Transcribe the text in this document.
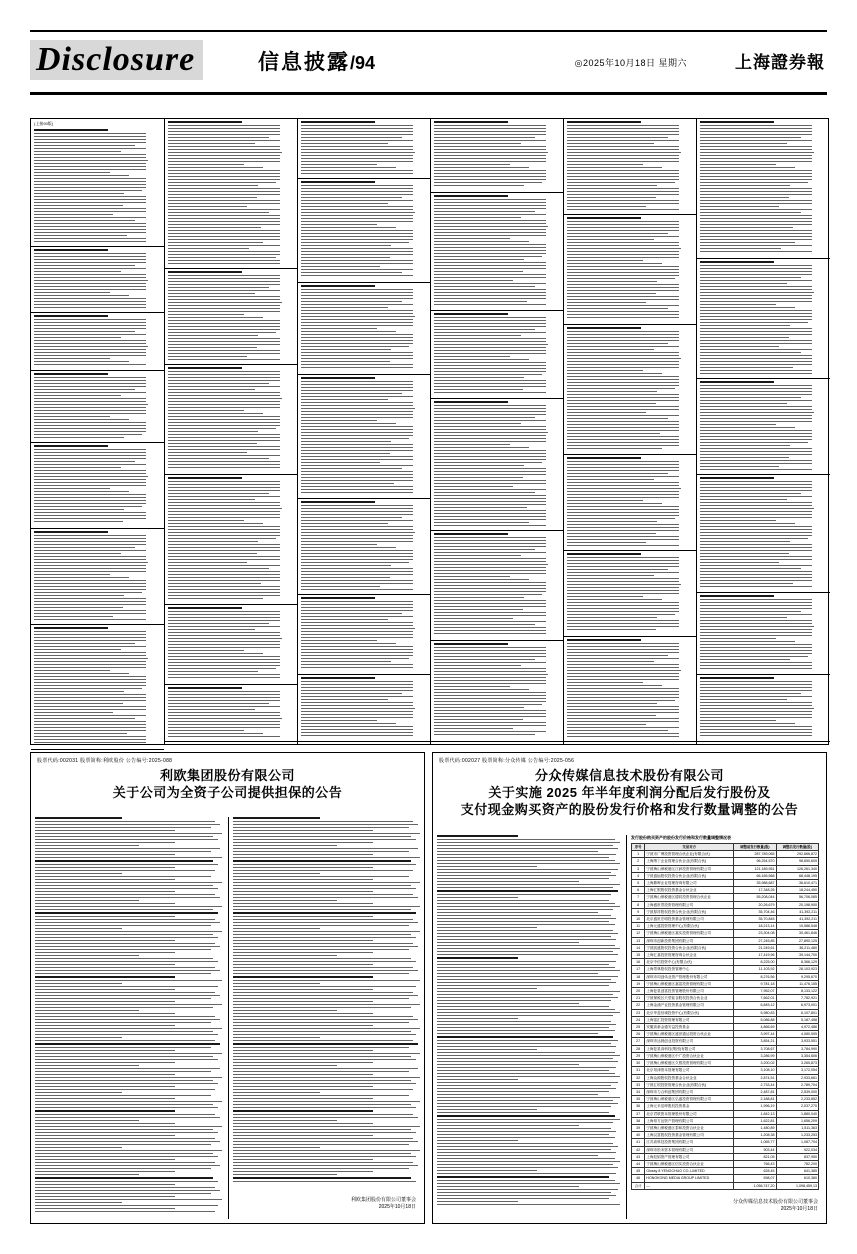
Disclosure	信息披露/94	◎2025年10月18日 星期六	上海證券報
(上接93版)
股票代码:002031 股票简称:利欧股份 公告编号:2025-088
利欧集团股份有限公司
关于公司为全资子公司提供担保的公告
利欧集团股份有限公司董事会
2025年10月18日
股票代码:002027 股票简称:分众传媒 公告编号:2025-056
分众传媒信息技术股份有限公司
关于实施 2025 年半年度利润分配后发行股份及
支付现金购买资产的股份发行价格和发行数量调整的公告
发行股份购买资产的股份发行价格和发行数量调整情况表
序号	交易对方	调整前发行数量(股)	调整后发行数量(股)
1	宁波市广博投资管理合伙企业(有限合伙)	287,789,065	292,666,872
2	上海纳丁企业管理合伙企业(有限合伙)	96,254,570	98,650,609
3	宁波梅山保税港区江润投资管理有限公司	121,189,951	126,261,340
4	宁波盛灿股权投资合伙企业(有限合伙)	66,165,568	68,448,195
5	上海鼎晖企业管理咨询有限公司	35,988,687	36,610,471
6	上海汇银股权投资基金合伙企业	17,348,26	18,244,450
7	宁波梅山保税港区德同投资管理合伙企业	55,208,044	56,706,085
8	上海盛世景投资管理有限公司	20,26,679	20,198,900
9	宁波厚祥股权投资合伙企业(有限合伙)	35,704,46	41,392,211
10	北京盛世宏明投资基金管理有限公司	35,70,845	41,392,211
11	上海元盛投资管理中心(有限合伙)	18,213,14	19,588,548
12	宁波梅山保税港区嘉实投资管理有限公司	23,304,08	30,461,846
13	深圳市创新投资集团有限公司	27,245,85	27,890,125
14	宁波凯盛股权投资合伙企业(有限合伙)	21,249,61	36,211,480
15	上海汇嘉投资管理咨询合伙企业	17,419,96	39,144,700
16	北京中信投资中心(有限合伙)	8,225,00	8,366,129
17	上海景林股权投资管理中心	11,103,92	28,103,923
18	深圳市同创伟业资产管理股份有限公司	8,276,56	9,295,670
19	宁波梅山保税港区嘉富投资管理有限公司	9,781,18	11,476,155
20	上海复星创富投资管理股份有限公司	7,952,07	8,133,122
21	宁波保税区天堂硅谷股权投资合伙企业	7,662,01	7,782,921
22	上海金浦产业投资基金管理有限公司	6,845,12	6,973,001
23	北京华盖信诚投资中心(有限合伙)	5,980,83	6,107,801
24	上海富汇投资管理有限公司	5,086,88	5,187,458
25	安徽高新金通安益投资基金	4,866,69	4,972,486
26	宁波梅山保税港区盛世通达投资合伙企业	3,997,44	4,080,595
27	深圳市达晨创业投资有限公司	3,854,21	3,933,551
28	上海复星高科技(集团)有限公司	3,708,67	3,784,990
29	宁波梅山保税港区中广投资合伙企业	3,286,99	3,354,606
30	宁波梅山保税港区久银投资管理有限公司	3,200,02	3,265,873
31	北京易津资本管理有限公司	3,108,10	3,172,054
32	上海众源股权投资基金合伙企业	2,874,51	2,933,661
33	宁波汇垠投资管理合伙企业(有限合伙)	2,733,44	2,789,704
34	深圳市力合科创集团有限公司	2,487,81	2,539,000
35	宁波梅山保税港区弘盛投资管理有限公司	2,188,81	2,233,852
36	上海元禾辰坤股权投资基金	1,996,19	2,037,270
37	北京君联资本管理股份有限公司	1,842,13	1,880,040
38	上海易方达资产管理有限公司	1,622,81	1,656,209
39	宁波梅山保税港区泰和投资合伙企业	1,480,89	1,511,363
40	上海汉富股权投资基金管理有限公司	1,208,38	1,233,253
41	江苏高科技投资集团有限公司	1,065,77	1,087,704
42	深圳市松禾资本管理有限公司	903,44	922,034
43	上海辰韬资产管理有限公司	821,05	837,950
44	宁波梅山保税港区信实投资合伙企业	766,43	782,200
45	Glossy 8 YENGCHUO CO.,LIMITED	628,45	641,385
46	HONGKONG MEDIA GROUP LIMITED	598,07	610,380
合计	—	1,056,747,20	1,098,459,13
分众传媒信息技术股份有限公司董事会
2025年10月18日
